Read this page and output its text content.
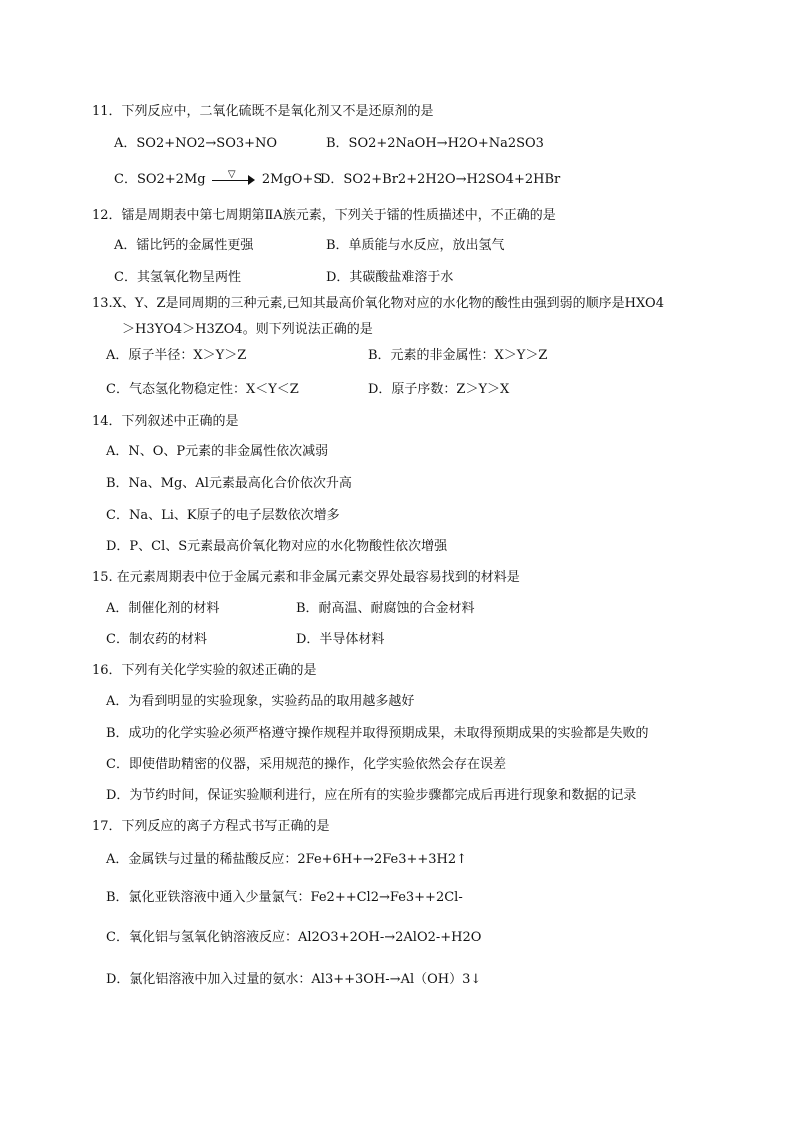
11．下列反应中，二氧化硫既不是氧化剂又不是还原剂的是
A．SO2+NO2→SO3+NO	B．SO2+2NaOH→H2O+Na2SO3
C．SO2+2Mg	▽	2MgO+S
D．SO2+Br2+2H2O→H2SO4+2HBr
12．镭是周期表中第七周期第ⅡA族元素，下列关于镭的性质描述中，不正确的是
A．镭比钙的金属性更强	B．单质能与水反应，放出氢气
C．其氢氧化物呈两性	D．其碳酸盐难溶于水
13.X、Y、Z是同周期的三种元素,已知其最高价氧化物对应的水化物的酸性由强到弱的顺序是HXO4
＞H3YO4＞H3ZO4。则下列说法正确的是
A．原子半径：X＞Y＞Z	B．元素的非金属性：X＞Y＞Z
C．气态氢化物稳定性：X＜Y＜Z	D．原子序数：Z＞Y＞X
14．下列叙述中正确的是
A．N、O、P元素的非金属性依次减弱
B．Na、Mg、Al元素最高化合价依次升高
C．Na、Li、K原子的电子层数依次增多
D．P、Cl、S元素最高价氧化物对应的水化物酸性依次增强
15. 在元素周期表中位于金属元素和非金属元素交界处最容易找到的材料是
A．制催化剂的材料	B．耐高温、耐腐蚀的合金材料
C．制农药的材料	D．半导体材料
16．下列有关化学实验的叙述正确的是
A．为看到明显的实验现象，实验药品的取用越多越好
B．成功的化学实验必须严格遵守操作规程并取得预期成果，未取得预期成果的实验都是失败的
C．即使借助精密的仪器，采用规范的操作，化学实验依然会存在误差
D．为节约时间，保证实验顺利进行，应在所有的实验步骤都完成后再进行现象和数据的记录
17．下列反应的离子方程式书写正确的是
A．金属铁与过量的稀盐酸反应：2Fe+6H+→2Fe3++3H2↑
B．氯化亚铁溶液中通入少量氯气：Fe2++Cl2→Fe3++2Cl-
C．氧化铝与氢氧化钠溶液反应：Al2O3+2OH-→2AlO2-+H2O
D．氯化铝溶液中加入过量的氨水：Al3++3OH-→Al（OH）3↓
